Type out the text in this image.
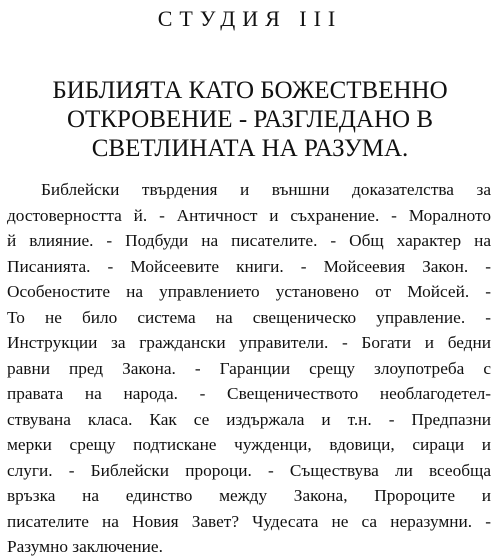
СТУДИЯ III
БИБЛИЯТА КАТО БОЖЕСТВЕННО
ОТКРОВЕНИЕ - РАЗГЛЕДАНО В
СВЕТЛИНАТА НА РАЗУМА.

Библейски твърдения и външни доказателства за
достоверността й. - Античност и съхранение. - Моралното
й влияние. - Подбуди на писателите. - Общ характер на
Писанията. - Мойсеевите книги. - Мойсеевия Закон. -
Особеностите на управлението установено от Мойсей. -
То не било система на свещеническо управление. -
Инструкции за граждански управители. - Богати и бедни
равни пред Закона. - Гаранции срещу злоупотреба с
правата на народа. - Свещеничеството необлагодетел-
ствувана класа. Как се издържала и т.н. - Предпазни
мерки срещу подтискане чужденци, вдовици, сираци и
слуги. - Библейски пророци. - Съществува ли всеобща
връзка на единство между Закона, Пророците и
писателите на Новия Завет? Чудесата не са неразумни. -
Разумно заключение.
